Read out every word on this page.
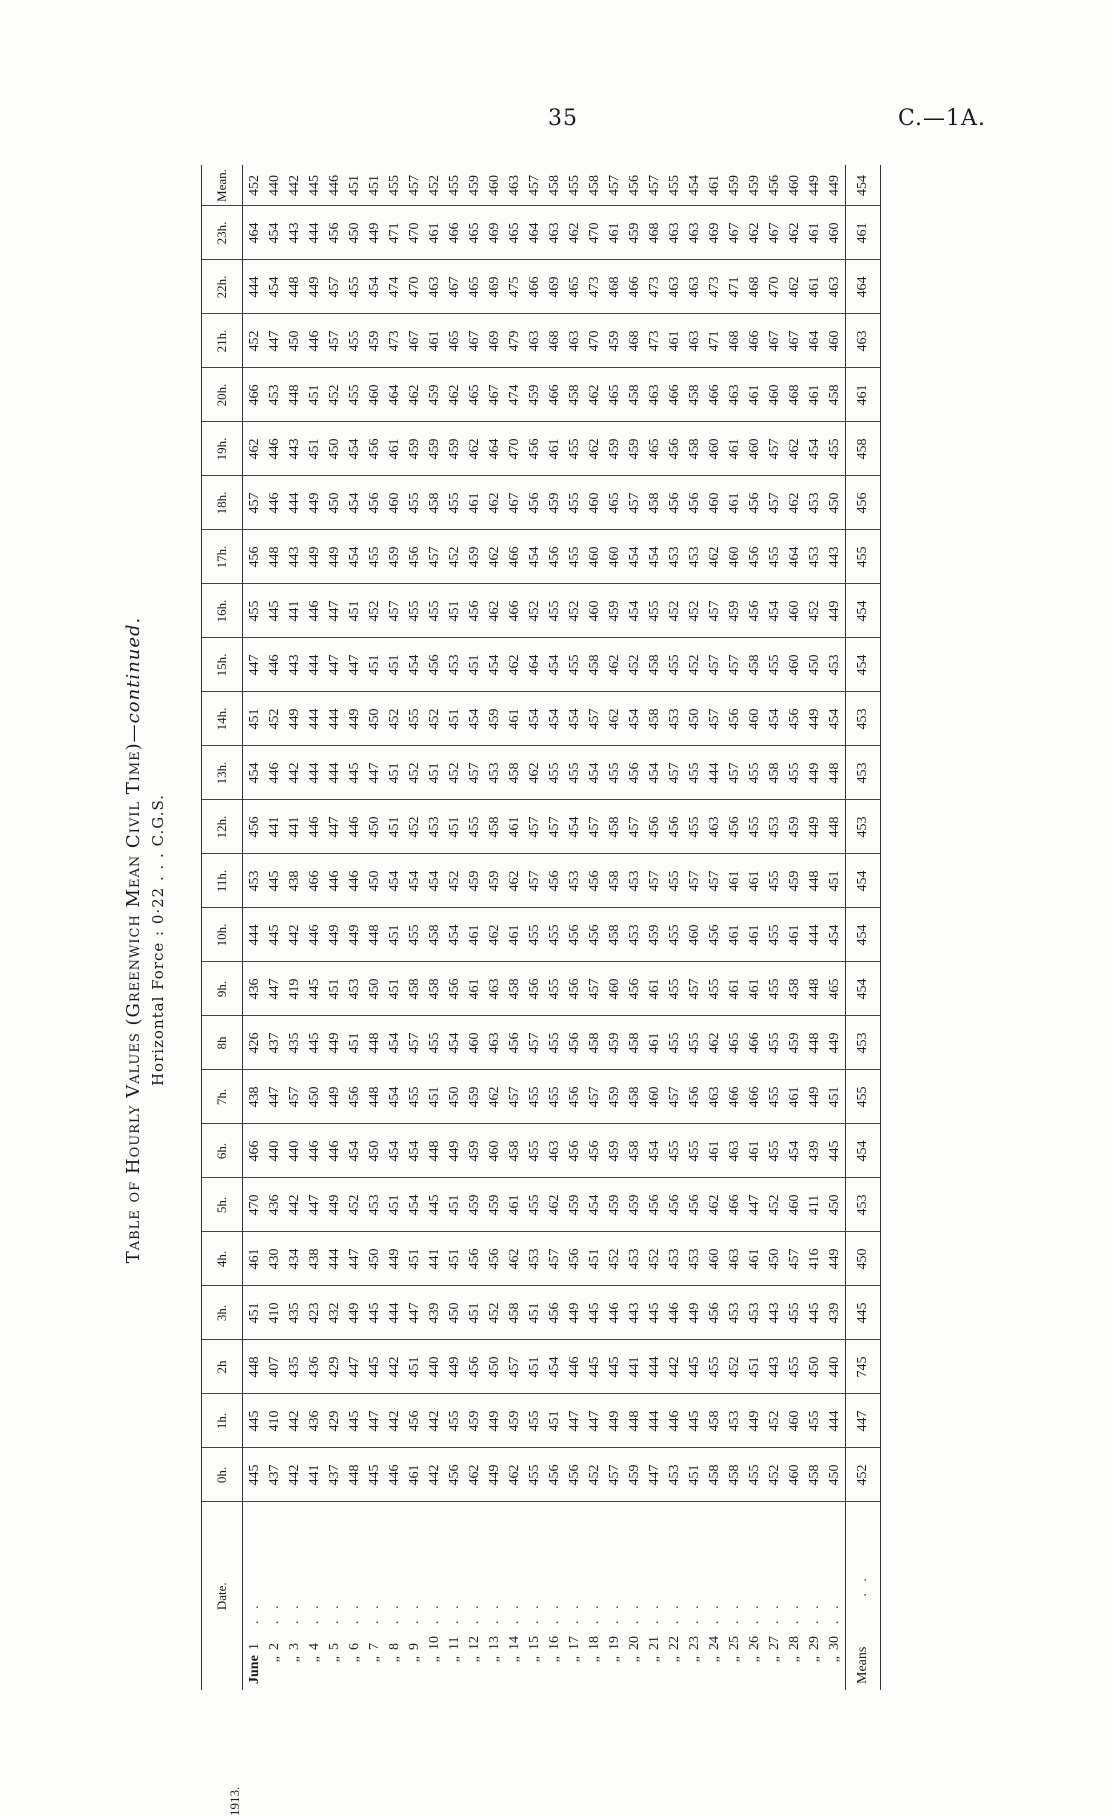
35	C.—1A.
Table of Hourly Values (Greenwich Mean Civil Time)—continued.
Horizontal Force : 0·22 . . . C.G.S.
Date.	0h.	1h.	2h	3h.	4h.	5h.	6h.	7h.	8h	9h.	10h.	11h.	12h.	13h.	14h.	15h.	16h.	17h.	18h.	19h.	20h.	21h.	22h.	23h.	Mean.

1913.
June1. .	445	445	448	451	461	470	466	438	426	436	444	453	456	454	451	447	455	456	457	462	466	452	444	464	452
„2. .	437	410	407	410	430	436	440	447	437	447	445	445	441	446	452	446	445	448	446	446	453	447	454	454	440
„3. .	442	442	435	435	434	442	440	457	435	419	442	438	441	442	449	443	441	443	444	443	448	450	448	443	442
„4. .	441	436	436	423	438	447	446	450	445	445	446	466	446	444	444	444	446	449	449	451	451	446	449	444	445
„5. .	437	429	429	432	444	449	446	449	449	451	449	446	447	444	444	447	447	449	450	450	452	457	457	456	446
„6. .	448	445	447	449	447	452	454	456	451	453	449	446	446	445	449	447	451	454	454	454	455	455	455	450	451
„7. .	445	447	445	445	450	453	450	448	448	450	448	450	450	447	450	451	452	455	456	456	460	459	454	449	451
„8. .	446	442	442	444	449	451	454	454	454	451	451	454	451	451	452	451	457	459	460	461	464	473	474	471	455
„9. .	461	456	451	447	451	454	454	455	457	458	455	454	452	452	455	454	455	456	455	459	462	467	470	470	457
„10. .	442	442	440	439	441	445	448	451	455	458	458	454	453	451	452	456	455	457	458	459	459	461	463	461	452
„11. .	456	455	449	450	451	451	449	450	454	456	454	452	451	452	451	453	451	452	455	459	462	465	467	466	455
„12. .	462	459	456	451	456	459	459	459	460	461	461	459	455	457	454	451	456	459	461	462	465	467	465	465	459
„13. .	449	449	450	452	456	459	460	462	463	463	462	459	458	453	459	454	462	462	462	464	467	469	469	469	460
„14. .	462	459	457	458	462	461	458	457	456	458	461	462	461	458	461	462	466	466	467	470	474	479	475	465	463
„15. .	455	455	451	451	453	455	455	455	457	456	455	457	457	462	454	464	452	454	456	456	459	463	466	464	457
„16. .	456	451	454	456	457	462	463	455	455	455	455	456	457	455	454	454	455	456	459	461	466	468	469	463	458
„17. .	456	447	446	449	456	459	456	456	456	456	456	453	454	455	454	455	452	455	455	455	458	463	465	462	455
„18. .	452	447	445	445	451	454	456	457	458	457	456	456	457	454	457	458	460	460	460	462	462	470	473	470	458
„19. .	457	449	445	446	452	459	459	459	459	460	458	458	458	455	462	462	459	460	465	459	465	459	468	461	457
„20. .	459	448	441	443	453	459	458	458	458	456	453	453	457	456	454	452	454	454	457	459	458	468	466	459	456
„21. .	447	444	444	445	452	456	454	460	461	461	459	457	456	454	458	458	455	454	458	465	463	473	473	468	457
„22. .	453	446	442	446	453	456	455	457	455	455	455	455	456	457	453	455	452	453	456	456	466	461	463	463	455
„23. .	451	445	445	449	453	456	455	456	455	457	460	457	455	455	450	452	452	453	456	458	458	463	463	463	454
„24. .	458	458	455	456	460	462	461	463	462	455	456	457	463	444	457	457	457	462	460	460	466	471	473	469	461
„25. .	458	453	452	453	463	466	463	466	465	461	461	461	456	457	456	457	459	460	461	461	463	468	471	467	459
„26. .	455	449	451	453	461	447	461	466	466	461	461	461	455	455	460	458	456	456	456	460	461	466	468	462	459
„27. .	452	452	443	443	450	452	455	455	455	455	455	455	453	458	454	455	454	455	457	457	460	467	470	467	456
„28. .	460	460	455	455	457	460	454	461	459	458	461	459	459	455	456	460	460	464	462	462	468	467	462	462	460
„29. .	458	455	450	445	416	411	439	449	448	448	444	448	449	449	449	450	452	453	453	454	461	464	461	461	449
„30. .	450	444	440	439	449	450	445	451	449	465	454	451	448	448	454	453	449	443	450	455	458	460	463	460	449
Means. .	452	447	745	445	450	453	454	455	453	454	454	454	453	453	453	454	454	455	456	458	461	463	464	461	454
